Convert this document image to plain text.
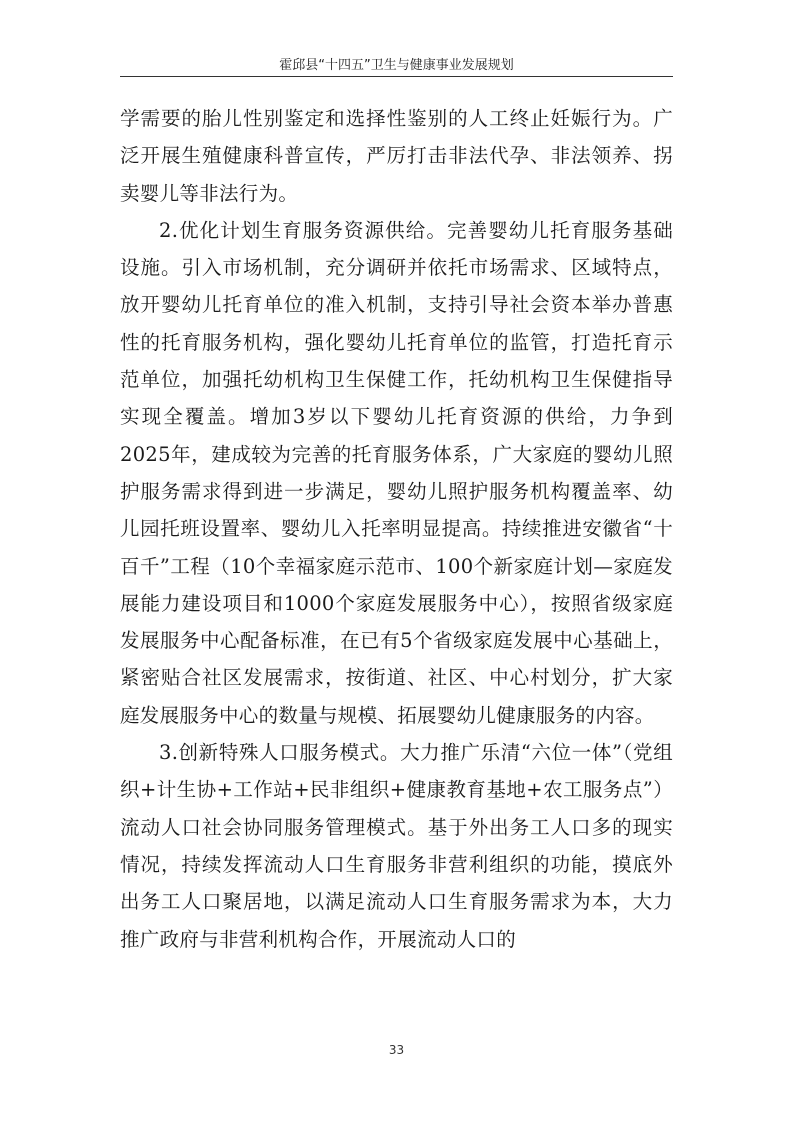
霍邱县“十四五”卫生与健康事业发展规划

学需要的胎儿性别鉴定和选择性鉴别的人工终止妊娠行为。广泛开展生殖健康科普宣传，严厉打击非法代孕、非法领养、拐卖婴儿等非法行为。

2.优化计划生育服务资源供给。完善婴幼儿托育服务基础设施。引入市场机制，充分调研并依托市场需求、区域特点，放开婴幼儿托育单位的准入机制，支持引导社会资本举办普惠性的托育服务机构，强化婴幼儿托育单位的监管，打造托育示范单位，加强托幼机构卫生保健工作，托幼机构卫生保健指导实现全覆盖。增加3岁以下婴幼儿托育资源的供给，力争到2025年，建成较为完善的托育服务体系，广大家庭的婴幼儿照护服务需求得到进一步满足，婴幼儿照护服务机构覆盖率、幼儿园托班设置率、婴幼儿入托率明显提高。持续推进安徽省“十百千”工程（10个幸福家庭示范市、100个新家庭计划—家庭发展能力建设项目和1000个家庭发展服务中心），按照省级家庭发展服务中心配备标准，在已有5个省级家庭发展中心基础上，紧密贴合社区发展需求，按街道、社区、中心村划分，扩大家庭发展服务中心的数量与规模、拓展婴幼儿健康服务的内容。

3.创新特殊人口服务模式。大力推广乐清“六位一体”（党组织+计生协+工作站+民非组织+健康教育基地+农工服务点”）流动人口社会协同服务管理模式。基于外出务工人口多的现实情况，持续发挥流动人口生育服务非营利组织的功能，摸底外出务工人口聚居地，以满足流动人口生育服务需求为本，大力推广政府与非营利机构合作，开展流动人口的

33
